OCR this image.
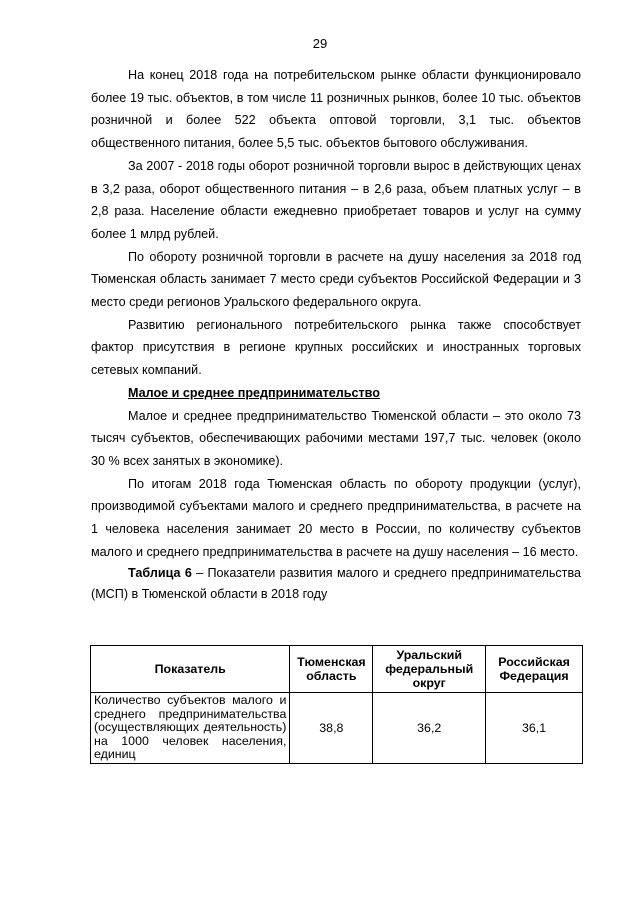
29

На конец 2018 года на потребительском рынке области функционировало более 19 тыс. объектов, в том числе 11 розничных рынков, более 10 тыс. объектов розничной и более 522 объекта оптовой торговли, 3,1 тыс. объектов общественного питания, более 5,5 тыс. объектов бытового обслуживания.

За 2007 - 2018 годы оборот розничной торговли вырос в действующих ценах в 3,2 раза, оборот общественного питания – в 2,6 раза, объем платных услуг – в 2,8 раза. Население области ежедневно приобретает товаров и услуг на сумму более 1 млрд рублей.

По обороту розничной торговли в расчете на душу населения за 2018 год Тюменская область занимает 7 место среди субъектов Российской Федерации и 3 место среди регионов Уральского федерального округа.

Развитию регионального потребительского рынка также способствует фактор присутствия в регионе крупных российских и иностранных торговых сетевых компаний.

Малое и среднее предпринимательство

Малое и среднее предпринимательство Тюменской области – это около 73 тысяч субъектов, обеспечивающих рабочими местами 197,7 тыс. человек (около 30 % всех занятых в экономике).

По итогам 2018 года Тюменская область по обороту продукции (услуг), производимой субъектами малого и среднего предпринимательства, в расчете на 1 человека населения занимает 20 место в России, по количеству субъектов малого и среднего предпринимательства в расчете на душу населения – 16 место.

Таблица 6 – Показатели развития малого и среднего предпринимательства (МСП) в Тюменской области в 2018 году

Показатель	Тюменская область	Уральский федеральный округ	Российская Федерация
Количество субъектов малого и среднего предпринимательства (осуществляющих деятельность) на 1000 человек населения, единиц	38,8	36,2	36,1
